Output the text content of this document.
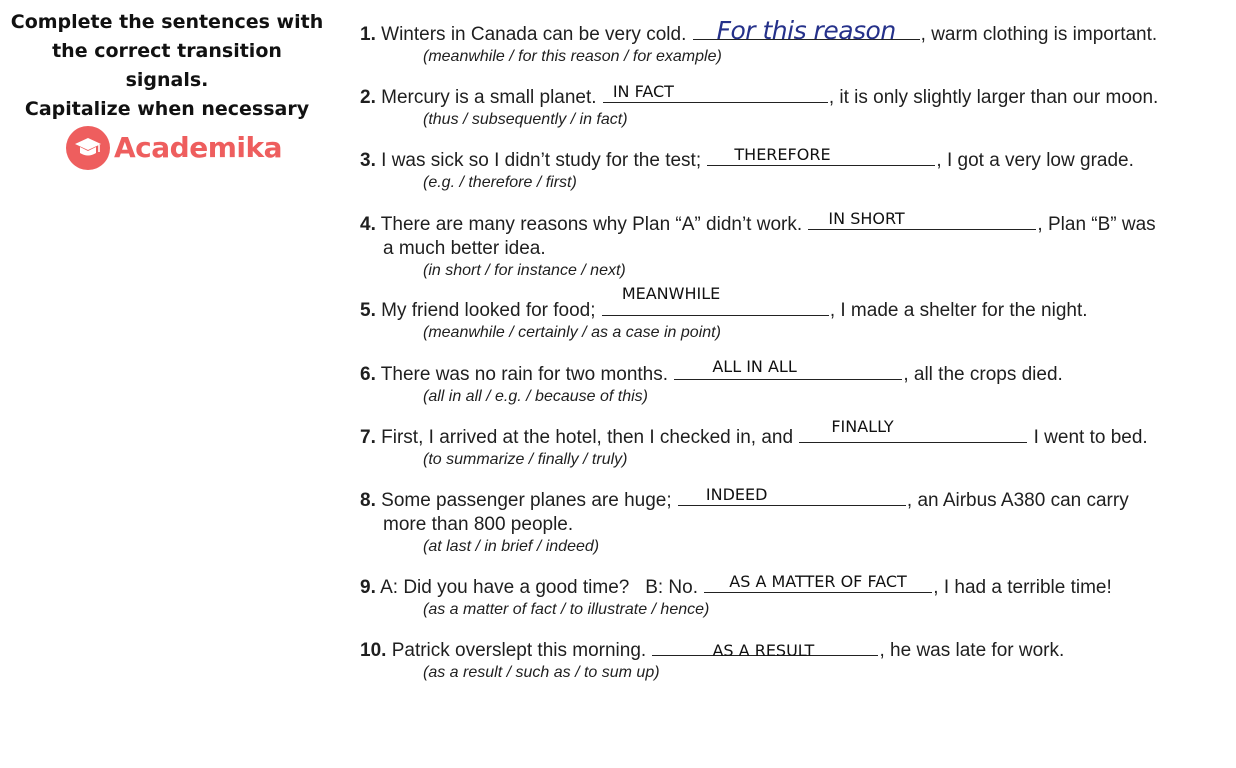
Complete the sentences with
the correct transition signals.
Capitalize when necessary
Academika
1. Winters in Canada can be very cold.	For this reason	, warm clothing is important.
(meanwhile / for this reason / for example)
2. Mercury is a small planet.	IN FACT	, it is only slightly larger than our moon.
(thus / subsequently / in fact)
3. I was sick so I didn’t study for the test;	THEREFORE	, I got a very low grade.
(e.g. / therefore / first)
4. There are many reasons why Plan “A” didn’t work.	IN SHORT	, Plan “B” was
a much better idea.
(in short / for instance / next)
5. My friend looked for food;
MEANWHILE
, I made a shelter for the night.
(meanwhile / certainly / as a case in point)
6. There was no rain for two months.	ALL IN ALL	, all the crops died.
(all in all / e.g. / because of this)
7. First, I arrived at the hotel, then I checked in, and
FINALLY
I went to bed.
(to summarize / finally / truly)
8. Some passenger planes are huge;	INDEED	, an Airbus A380 can carry
more than 800 people.
(at last / in brief / indeed)
9. A: Did you have a good time?   B: No.	AS A MATTER OF FACT	, I had a terrible time!
(as a matter of fact / to illustrate / hence)
10. Patrick overslept this morning.	AS A RESULT	, he was late for work.
(as a result / such as / to sum up)
